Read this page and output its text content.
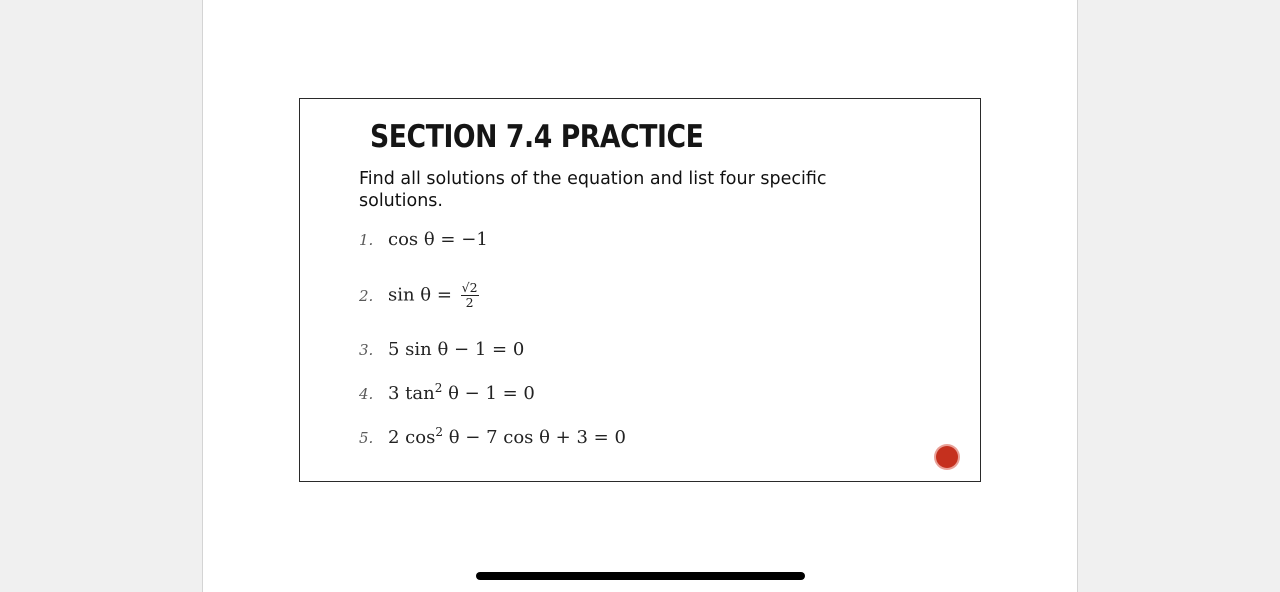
SECTION 7.4 PRACTICE

Find all solutions of the equation and list four specific solutions.

1. cos θ = −1
2. $\sin \theta = \frac{√2}{2}$
3. 5 sin θ − 1 = 0
4. 3 $\tan^2 \theta - 1 = 0$
5. 2 $\cos^2 \theta - 7$ cos θ + 3 = 0
